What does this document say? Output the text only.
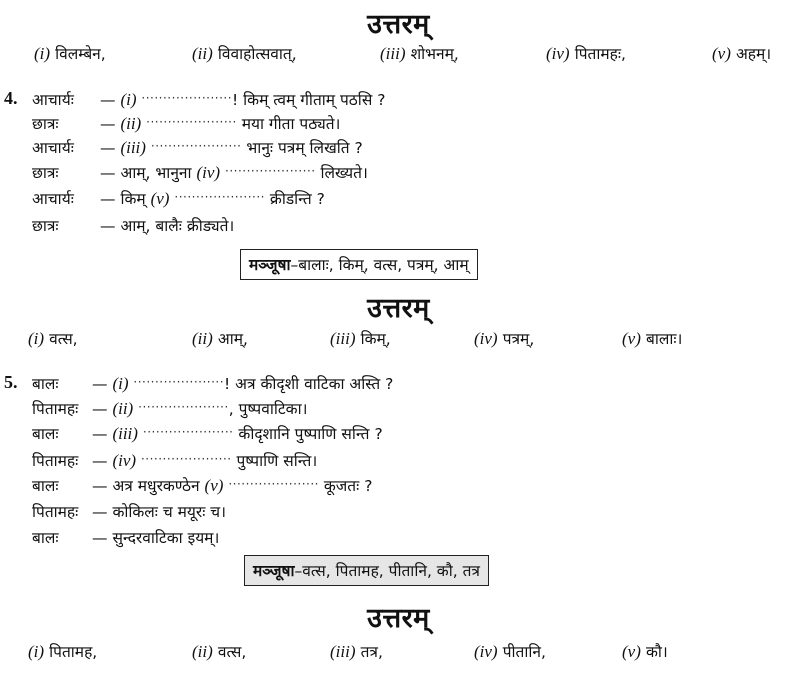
उत्तरम्
(i) विलम्बेन,	(ii) विवाहोत्सवात्,	(iii) शोभनम्,	(iv) पितामहः,	(v) अहम्।
4. आचार्यः — (i) ·····················! किम् त्वम् गीताम् पठसि ?
छात्रः	— (ii) ····················· मया गीता पठ्यते।
आचार्यः — (iii) ····················· भानुः पत्रम् लिखति ?
छात्रः	— आम्, भानुना (iv) ····················· लिख्यते।
आचार्यः — किम् (v) ····················· क्रीडन्ति ?
छात्रः	— आम्, बालैः क्रीड्यते।
मञ्जूषा–बालाः, किम्, वत्स, पत्रम्, आम्
उत्तरम्
(i) वत्स,	(ii) आम्,	(iii) किम्,	(iv) पत्रम्,	(v) बालाः।
5. बालः — (i) ·····················! अत्र कीदृशी वाटिका अस्ति ?
पितामहः — (ii) ·····················, पुष्पवाटिका।
बालः — (iii) ····················· कीदृशानि पुष्पाणि सन्ति ?
पितामहः — (iv) ····················· पुष्पाणि सन्ति।
बालः — अत्र मधुरकण्ठेन (v) ····················· कूजतः ?
पितामहः — कोकिलः च मयूरः च।
बालः — सुन्दरवाटिका इयम्।
मञ्जूषा–वत्स, पितामह, पीतानि, कौ, तत्र
उत्तरम्
(i) पितामह,	(ii) वत्स,	(iii) तत्र,	(iv) पीतानि,	(v) कौ।
